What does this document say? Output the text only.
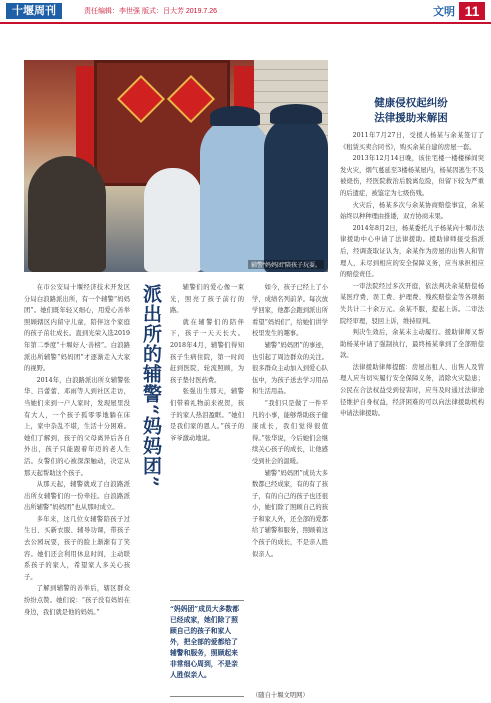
十堰周刊	责任编辑：李世强 版式：吕大芳 2019.7.26	文明 11
辅警“妈妈团”陪孩子玩耍。
派出所的辅警“妈妈团”

在市公安局十堰经济技术开发区分局白浪路派出所，有一个辅警“妈妈团”。她们既年轻又细心，用爱心善举照顾辖区内留守儿童，陪伴这个家庭的孩子茁壮成长。直到光荣入选2019年第二季度“十堰好人·善榜”。白浪路派出所辅警“妈妈团”才逐渐走入大家的视野。

2014年，白浪路派出所女辅警张华、吕蕾蕾、邓雨等人到社区走访，当她们来到一户人家时，发现屋里没有大人，一个孩子孤零零地躺在床上，家中杂乱不堪，生活十分困难。她们了解到，孩子的父母离异后各自外出，孩子只能跟着年迈的老人生活。女警们的心被深深触动，决定从那天起帮助这个孩子。

从那天起，辅警就成了白浪路派出所女辅警们的一份牵挂。白浪路派出所辅警“妈妈团”也从那时成立。

多年来，这几位女辅警陪孩子过生日、买新衣服、辅导功课，带孩子去公园玩耍，孩子的脸上渐渐有了笑容。她们还会利用休息时间，主动联系孩子的家人，希望家人多关心孩子。

了解到辅警的善举后，辖区群众纷纷点赞。她们说：“孩子没有妈妈在身边，我们就是他的妈妈。”

辅警们的爱心像一束光，照亮了孩子前行的路。

就在辅警们的陪伴下，孩子一天天长大。2018年4月，辅警们得知孩子生病住院，第一时间赶到医院，轮流照顾，为孩子垫付医药费。

张强出生那天，辅警们带着礼物前来祝贺，孩子的家人热泪盈眶。“她们是我们家的恩人。”孩子的爷爷激动地说。

“妈妈团”成员大多数都已经成家，她们除了照顾自己的孩子和家人外，把全部的爱都给了辅警和服务，照顾起来非常细心周到，不是亲人胜似亲人。

如今，孩子已经上了小学，成绩名列前茅。每次放学回家，他都会跑到派出所看望“妈妈们”，给她们讲学校里发生的趣事。

辅警“妈妈团”的事迹，也引起了周边群众的关注。很多群众主动加入到爱心队伍中，为孩子送去学习用品和生活用品。

“我们只是做了一件平凡的小事，能够帮助孩子健康成长，我们觉得很值得。”张华说，今后她们会继续关心孩子的成长，让他感受到社会的温暖。

辅警“妈妈团”成员大多数都已经成家，有的有了孩子，有的自己的孩子也还很小，她们除了照顾自己的孩子和家人外，还全部的爱都给了辅警和服务，照顾着这个孩子的成长，不是亲人胜似亲人。

（随自十堰文明网）
健康侵权起纠纷
法律援助来解困

2011年7月27日，受援人杨某与余某签订了《租赁买卖合同书》，购买余某自建的房屋一套。

2013年12月14日晚，该住宅楼一楼楼梯间突发火灾，烟气蔓延至3楼杨某屋内，杨某因逃生不及被烧伤，经医院救治后脱离危险，但留下较为严重的后遗症，被鉴定为七级伤残。

火灾后，杨某多次与余某协商赔偿事宜，余某始终以种种理由推诿，双方协商未果。

2014年8月2日，杨某委托儿子杨某向十堰市法律援助中心申请了法律援助。援助律师接受指派后，经调查取证认为，余某作为房屋的出售人和管理人，未尽到相应的安全保障义务，应当承担相应的赔偿责任。

一审法院经过多次开庭，依法判决余某赔偿杨某医疗费、误工费、护理费、残疾赔偿金等各项损失共计二十余万元。余某不服，提起上诉。二审法院经审理，驳回上诉，维持原判。

判决生效后，余某未主动履行。援助律师又帮助杨某申请了强制执行，最终杨某拿到了全部赔偿款。

法律援助律师提醒：房屋出租人、出售人及管理人应当切实履行安全保障义务，消除火灾隐患；公民在合法权益受到侵害时，应当及时通过法律途径维护自身权益，经济困难的可以向法律援助机构申请法律援助。
